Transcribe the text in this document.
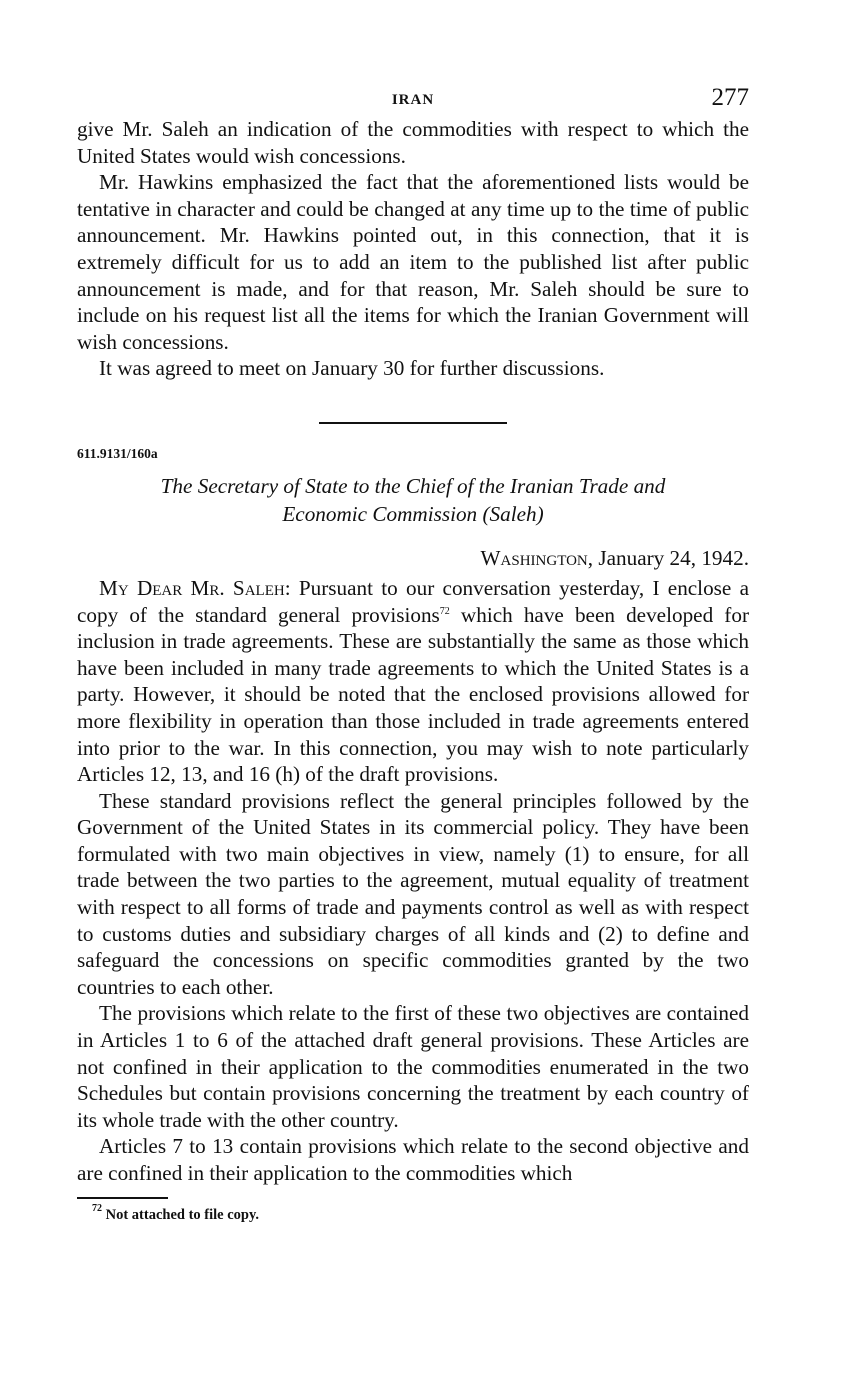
IRAN	277

give Mr. Saleh an indication of the commodities with respect to which the United States would wish concessions.

Mr. Hawkins emphasized the fact that the aforementioned lists would be tentative in character and could be changed at any time up to the time of public announcement. Mr. Hawkins pointed out, in this connection, that it is extremely difficult for us to add an item to the published list after public announcement is made, and for that reason, Mr. Saleh should be sure to include on his request list all the items for which the Iranian Government will wish concessions.

It was agreed to meet on January 30 for further discussions.

611.9131/160a

The Secretary of State to the Chief of the Iranian Trade and
Economic Commission (Saleh)

Washington, January 24, 1942.

My Dear Mr. Saleh: Pursuant to our conversation yesterday, I enclose a copy of the standard general provisions$^{72}$ which have been developed for inclusion in trade agreements. These are substantially the same as those which have been included in many trade agreements to which the United States is a party. However, it should be noted that the enclosed provisions allowed for more flexibility in operation than those included in trade agreements entered into prior to the war. In this connection, you may wish to note particularly Articles 12, 13, and 16 (h) of the draft provisions.

These standard provisions reflect the general principles followed by the Government of the United States in its commercial policy. They have been formulated with two main objectives in view, namely (1) to ensure, for all trade between the two parties to the agreement, mutual equality of treatment with respect to all forms of trade and payments control as well as with respect to customs duties and subsidiary charges of all kinds and (2) to define and safeguard the concessions on specific commodities granted by the two countries to each other.

The provisions which relate to the first of these two objectives are contained in Articles 1 to 6 of the attached draft general provisions. These Articles are not confined in their application to the commodities enumerated in the two Schedules but contain provisions concerning the treatment by each country of its whole trade with the other country.

Articles 7 to 13 contain provisions which relate to the second objective and are confined in their application to the commodities which

$^{72}$ Not attached to file copy.
